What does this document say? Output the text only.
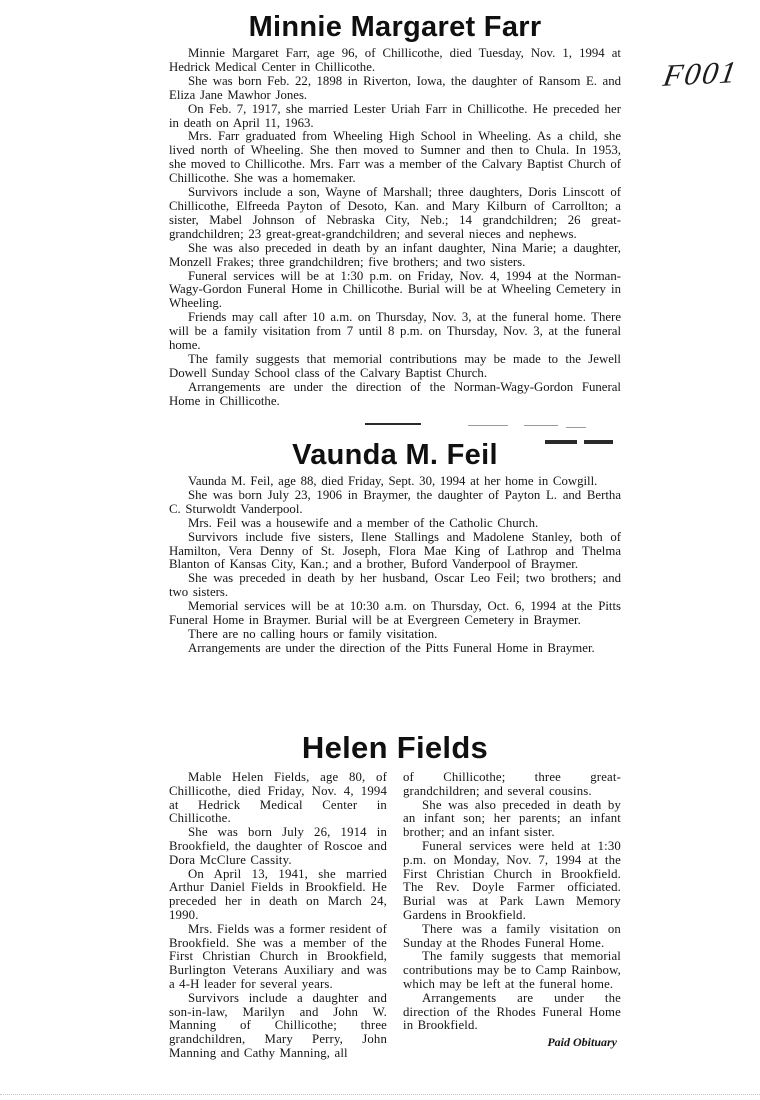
F001
Minnie Margaret Farr

Minnie Margaret Farr, age 96, of Chillicothe, died Tuesday, Nov. 1, 1994 at Hedrick Medical Center in Chillicothe.

She was born Feb. 22, 1898 in Riverton, Iowa, the daughter of Ransom E. and Eliza Jane Mawhor Jones.

On Feb. 7, 1917, she married Lester Uriah Farr in Chillicothe. He preceded her in death on April 11, 1963.

Mrs. Farr graduated from Wheeling High School in Wheeling. As a child, she lived north of Wheeling. She then moved to Sumner and then to Chula. In 1953, she moved to Chillicothe. Mrs. Farr was a member of the Calvary Baptist Church of Chillicothe. She was a homemaker.

Survivors include a son, Wayne of Marshall; three daughters, Doris Linscott of Chillicothe, Elfreeda Payton of Desoto, Kan. and Mary Kilburn of Carrollton; a sister, Mabel Johnson of Nebraska City, Neb.; 14 grandchildren; 26 great-grandchildren; 23 great-great-grandchildren; and several nieces and nephews.

She was also preceded in death by an infant daughter, Nina Marie; a daughter, Monzell Frakes; three grandchildren; five brothers; and two sisters.

Funeral services will be at 1:30 p.m. on Friday, Nov. 4, 1994 at the Norman-Wagy-Gordon Funeral Home in Chillicothe. Burial will be at Wheeling Cemetery in Wheeling.

Friends may call after 10 a.m. on Thursday, Nov. 3, at the funeral home. There will be a family visitation from 7 until 8 p.m. on Thursday, Nov. 3, at the funeral home.

The family suggests that memorial contributions may be made to the Jewell Dowell Sunday School class of the Calvary Baptist Church.

Arrangements are under the direction of the Norman-Wagy-Gordon Funeral Home in Chillicothe.

Vaunda M. Feil

Vaunda M. Feil, age 88, died Friday, Sept. 30, 1994 at her home in Cowgill.

She was born July 23, 1906 in Braymer, the daughter of Payton L. and Bertha C. Sturwoldt Vanderpool.

Mrs. Feil was a housewife and a member of the Catholic Church.

Survivors include five sisters, Ilene Stallings and Madolene Stanley, both of Hamilton, Vera Denny of St. Joseph, Flora Mae King of Lathrop and Thelma Blanton of Kansas City, Kan.; and a brother, Buford Vanderpool of Braymer.

She was preceded in death by her husband, Oscar Leo Feil; two brothers; and two sisters.

Memorial services will be at 10:30 a.m. on Thursday, Oct. 6, 1994 at the Pitts Funeral Home in Braymer. Burial will be at Evergreen Cemetery in Braymer.

There are no calling hours or family visitation.

Arrangements are under the direction of the Pitts Funeral Home in Braymer.

Helen Fields

Mable Helen Fields, age 80, of Chillicothe, died Friday, Nov. 4, 1994 at Hedrick Medical Center in Chillicothe.

She was born July 26, 1914 in Brookfield, the daughter of Roscoe and Dora McClure Cassity.

On April 13, 1941, she married Arthur Daniel Fields in Brookfield. He preceded her in death on March 24, 1990.

Mrs. Fields was a former resident of Brookfield. She was a member of the First Christian Church in Brookfield, Burlington Veterans Auxiliary and was a 4-H leader for several years.

Survivors include a daughter and son-in-law, Marilyn and John W. Manning of Chillicothe; three grandchildren, Mary Perry, John Manning and Cathy Manning, all

of Chillicothe; three great-grandchildren; and several cousins.

She was also preceded in death by an infant son; her parents; an infant brother; and an infant sister.

Funeral services were held at 1:30 p.m. on Monday, Nov. 7, 1994 at the First Christian Church in Brookfield. The Rev. Doyle Farmer officiated. Burial was at Park Lawn Memory Gardens in Brookfield.

There was a family visitation on Sunday at the Rhodes Funeral Home.

The family suggests that memorial contributions may be to Camp Rainbow, which may be left at the funeral home.

Arrangements are under the direction of the Rhodes Funeral Home in Brookfield.

Paid Obituary
